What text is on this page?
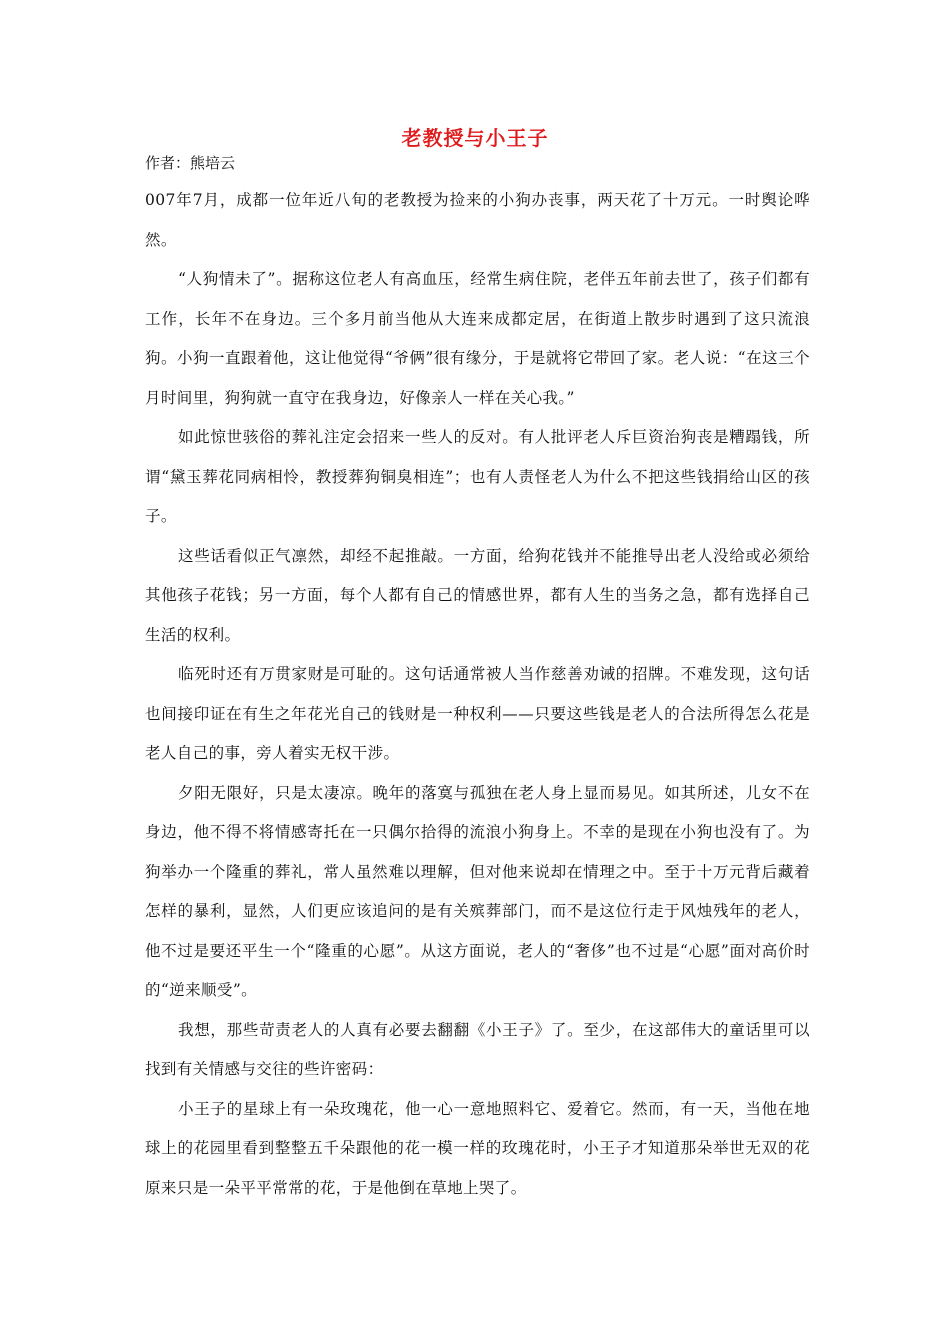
老教授与小王子

作者：熊培云

007年7月，成都一位年近八旬的老教授为捡来的小狗办丧事，两天花了十万元。一时舆论哗然。

“人狗情未了”。据称这位老人有高血压，经常生病住院，老伴五年前去世了，孩子们都有工作，长年不在身边。三个多月前当他从大连来成都定居，在街道上散步时遇到了这只流浪狗。小狗一直跟着他，这让他觉得“爷俩”很有缘分，于是就将它带回了家。老人说：“在这三个月时间里，狗狗就一直守在我身边，好像亲人一样在关心我。”

如此惊世骇俗的葬礼注定会招来一些人的反对。有人批评老人斥巨资治狗丧是糟蹋钱，所谓“黛玉葬花同病相怜，教授葬狗铜臭相连”；也有人责怪老人为什么不把这些钱捐给山区的孩子。

这些话看似正气凛然，却经不起推敲。一方面，给狗花钱并不能推导出老人没给或必须给其他孩子花钱；另一方面，每个人都有自己的情感世界，都有人生的当务之急，都有选择自己生活的权利。

临死时还有万贯家财是可耻的。这句话通常被人当作慈善劝诫的招牌。不难发现，这句话也间接印证在有生之年花光自己的钱财是一种权利——只要这些钱是老人的合法所得怎么花是老人自己的事，旁人着实无权干涉。

夕阳无限好，只是太凄凉。晚年的落寞与孤独在老人身上显而易见。如其所述，儿女不在身边，他不得不将情感寄托在一只偶尔拾得的流浪小狗身上。不幸的是现在小狗也没有了。为狗举办一个隆重的葬礼，常人虽然难以理解，但对他来说却在情理之中。至于十万元背后藏着怎样的暴利，显然，人们更应该追问的是有关殡葬部门，而不是这位行走于风烛残年的老人，他不过是要还平生一个“隆重的心愿”。从这方面说，老人的“奢侈”也不过是“心愿”面对高价时的“逆来顺受”。

我想，那些苛责老人的人真有必要去翻翻《小王子》了。至少，在这部伟大的童话里可以找到有关情感与交往的些许密码：

小王子的星球上有一朵玫瑰花，他一心一意地照料它、爱着它。然而，有一天，当他在地球上的花园里看到整整五千朵跟他的花一模一样的玫瑰花时，小王子才知道那朵举世无双的花原来只是一朵平平常常的花，于是他倒在草地上哭了。
